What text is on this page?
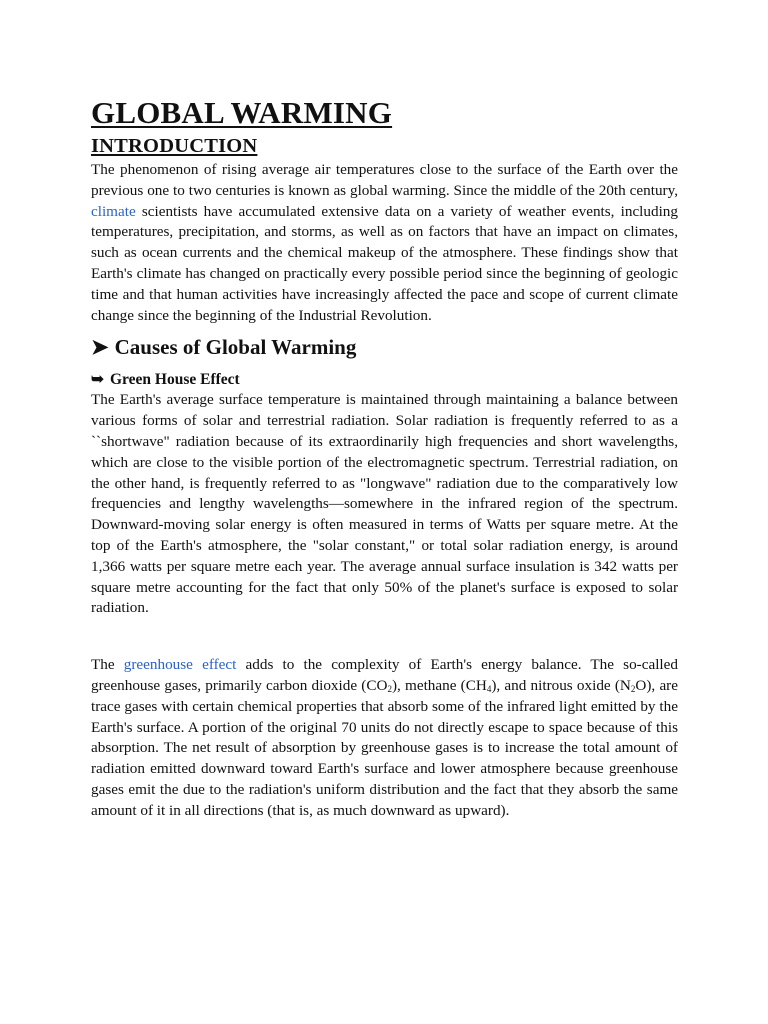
GLOBAL WARMING
INTRODUCTION

The phenomenon of rising average air temperatures close to the surface of the Earth over the previous one to two centuries is known as global warming. Since the middle of the 20th century, climate scientists have accumulated extensive data on a variety of weather events, including temperatures, precipitation, and storms, as well as on factors that have an impact on climates, such as ocean currents and the chemical makeup of the atmosphere. These findings show that Earth's climate has changed on practically every possible period since the beginning of geologic time and that human activities have increasingly affected the pace and scope of current climate change since the beginning of the Industrial Revolution.

➤ Causes of Global Warming
➥ Green House Effect

The Earth's average surface temperature is maintained through maintaining a balance between various forms of solar and terrestrial radiation. Solar radiation is frequently referred to as a ``shortwave" radiation because of its extraordinarily high frequencies and short wavelengths, which are close to the visible portion of the electromagnetic spectrum. Terrestrial radiation, on the other hand, is frequently referred to as "longwave" radiation due to the comparatively low frequencies and lengthy wavelengths—somewhere in the infrared region of the spectrum. Downward-moving solar energy is often measured in terms of Watts per square metre. At the top of the Earth's atmosphere, the "solar constant," or total solar radiation energy, is around 1,366 watts per square metre each year. The average annual surface insulation is 342 watts per square metre accounting for the fact that only 50% of the planet's surface is exposed to solar radiation.

The greenhouse effect adds to the complexity of Earth's energy balance. The so-called greenhouse gases, primarily carbon dioxide $(CO_2)$, methane $(CH_4)$, and nitrous oxide $(N_2O)$, are trace gases with certain chemical properties that absorb some of the infrared light emitted by the Earth's surface. A portion of the original 70 units do not directly escape to space because of this absorption. The net result of absorption by greenhouse gases is to increase the total amount of radiation emitted downward toward Earth's surface and lower atmosphere because greenhouse gases emit the due to the radiation's uniform distribution and the fact that they absorb the same amount of it in all directions (that is, as much downward as upward).
